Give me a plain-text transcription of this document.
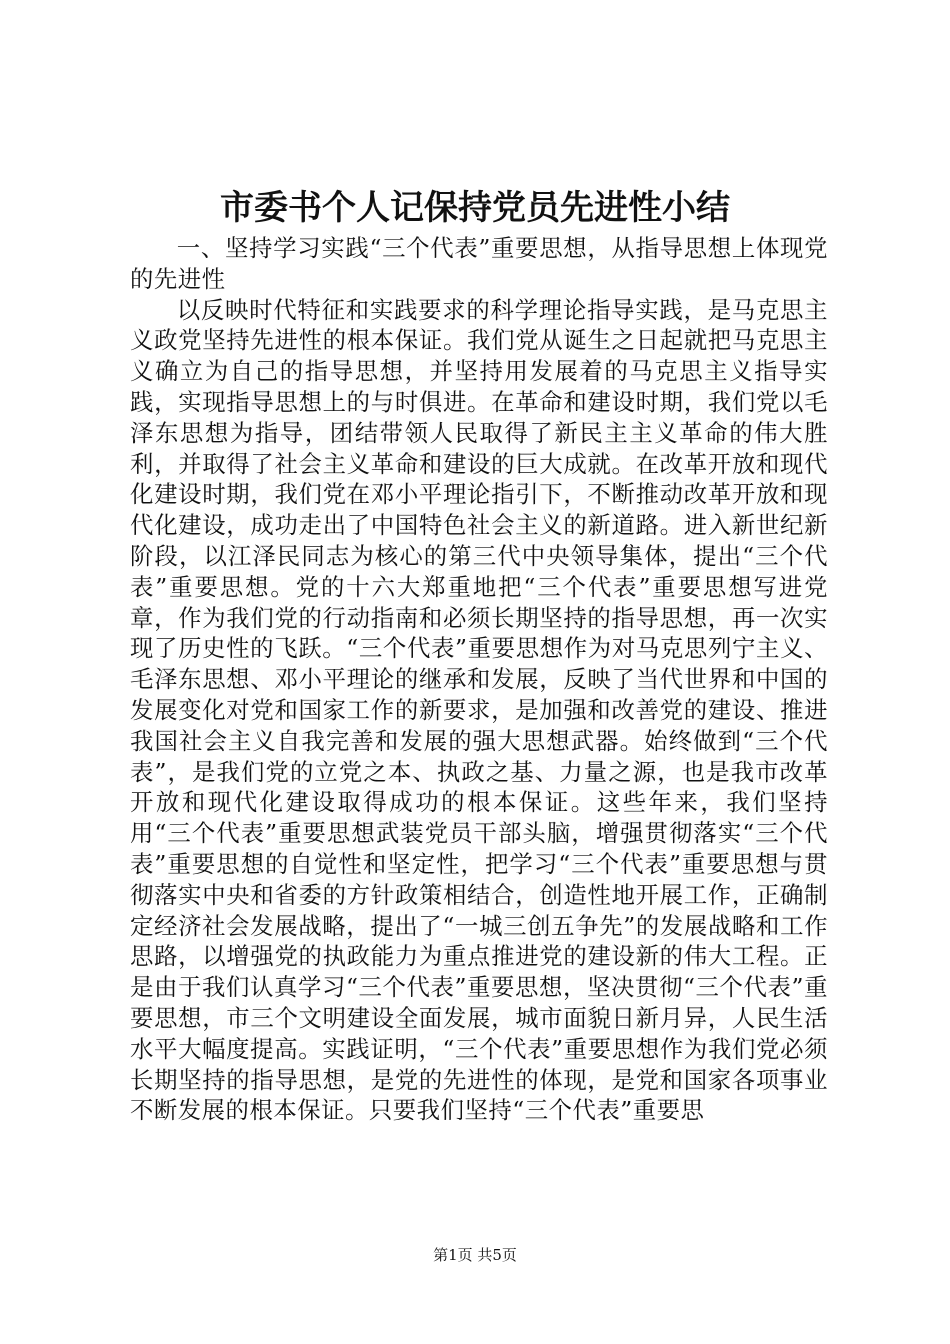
市委书个人记保持党员先进性小结

一、坚持学习实践“三个代表”重要思想，从指导思想上体现党的先进性

以反映时代特征和实践要求的科学理论指导实践，是马克思主义政党坚持先进性的根本保证。我们党从诞生之日起就把马克思主义确立为自己的指导思想，并坚持用发展着的马克思主义指导实践，实现指导思想上的与时俱进。在革命和建设时期，我们党以毛泽东思想为指导，团结带领人民取得了新民主主义革命的伟大胜利，并取得了社会主义革命和建设的巨大成就。在改革开放和现代化建设时期，我们党在邓小平理论指引下，不断推动改革开放和现代化建设，成功走出了中国特色社会主义的新道路。进入新世纪新阶段，以江泽民同志为核心的第三代中央领导集体，提出“三个代表”重要思想。党的十六大郑重地把“三个代表”重要思想写进党章，作为我们党的行动指南和必须长期坚持的指导思想，再一次实现了历史性的飞跃。“三个代表”重要思想作为对马克思列宁主义、毛泽东思想、邓小平理论的继承和发展，反映了当代世界和中国的发展变化对党和国家工作的新要求，是加强和改善党的建设、推进我国社会主义自我完善和发展的强大思想武器。始终做到“三个代表”，是我们党的立党之本、执政之基、力量之源，也是我市改革开放和现代化建设取得成功的根本保证。这些年来，我们坚持用“三个代表”重要思想武装党员干部头脑，增强贯彻落实“三个代表”重要思想的自觉性和坚定性，把学习“三个代表”重要思想与贯彻落实中央和省委的方针政策相结合，创造性地开展工作，正确制定经济社会发展战略，提出了“一城三创五争先”的发展战略和工作思路，以增强党的执政能力为重点推进党的建设新的伟大工程。正是由于我们认真学习“三个代表”重要思想，坚决贯彻“三个代表”重要思想，市三个文明建设全面发展，城市面貌日新月异，人民生活水平大幅度提高。实践证明，“三个代表”重要思想作为我们党必须长期坚持的指导思想，是党的先进性的体现，是党和国家各项事业不断发展的根本保证。只要我们坚持“三个代表”重要思

第1页 共5页
